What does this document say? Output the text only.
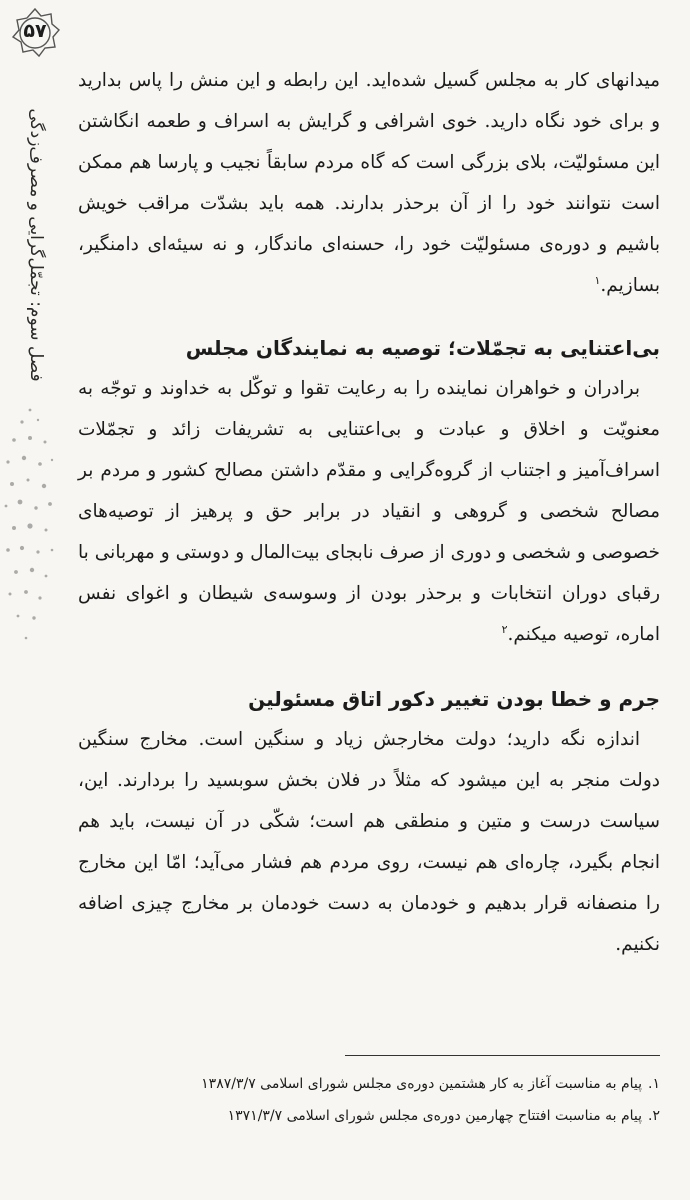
۵۷
فصل سوم: تجمّل‌گرایی و مصرف‌زدگی

میدانهای کار به مجلس گسیل شده‌اید. این رابطه و این منش را پاس بدارید و برای خود نگاه دارید. خوی اشرافی و گرایش به اسراف و طعمه انگاشتن این مسئولیّت، بلای بزرگی است که گاه مردم سابقاً نجیب و پارسا هم ممکن است نتوانند خود را از آن برحذر بدارند. همه باید بشدّت مراقب خویش باشیم و دوره‌ی مسئولیّت خود را، حسنه‌ای ماندگار، و نه سیئه‌ای دامنگیر، بسازیم.$^۱$

بی‌اعتنایی به تجمّلات؛ توصیه به نمایندگان مجلس

برادران و خواهران نماینده را به رعایت تقوا و توکّل به خداوند و توجّه به معنویّت و اخلاق و عبادت و بی‌اعتنایی به تشریفات زائد و تجمّلات اسراف‌آمیز و اجتناب از گروه‌گرایی و مقدّم داشتن مصالح کشور و مردم بر مصالح شخصی و گروهی و انقیاد در برابر حق و پرهیز از توصیه‌های خصوصی و شخصی و دوری از صرف نابجای بیت‌المال و دوستی و مهربانی با رقبای دوران انتخابات و برحذر بودن از وسوسه‌ی شیطان و اغوای نفس اماره، توصیه میکنم.$^۲$

جرم و خطا بودن تغییر دکور اتاق مسئولین

اندازه نگه دارید؛ دولت مخارجش زیاد و سنگین است. مخارج سنگین دولت منجر به این میشود که مثلاً در فلان بخش سوبسید را بردارند. این، سیاست درست و متین و منطقی هم است؛ شکّی در آن نیست، باید هم انجام بگیرد، چاره‌ای هم نیست، روی مردم هم فشار می‌آید؛ امّا این مخارج را منصفانه قرار بدهیم و خودمان به دست خودمان بر مخارج چیزی اضافه نکنیم.

۱.پیام به مناسبت آغاز به کار هشتمین دوره‌ی مجلس شورای اسلامی ۱۳۸۷/۳/۷

۲.پیام به مناسبت افتتاح چهارمین دوره‌ی مجلس شورای اسلامی ۱۳۷۱/۳/۷
